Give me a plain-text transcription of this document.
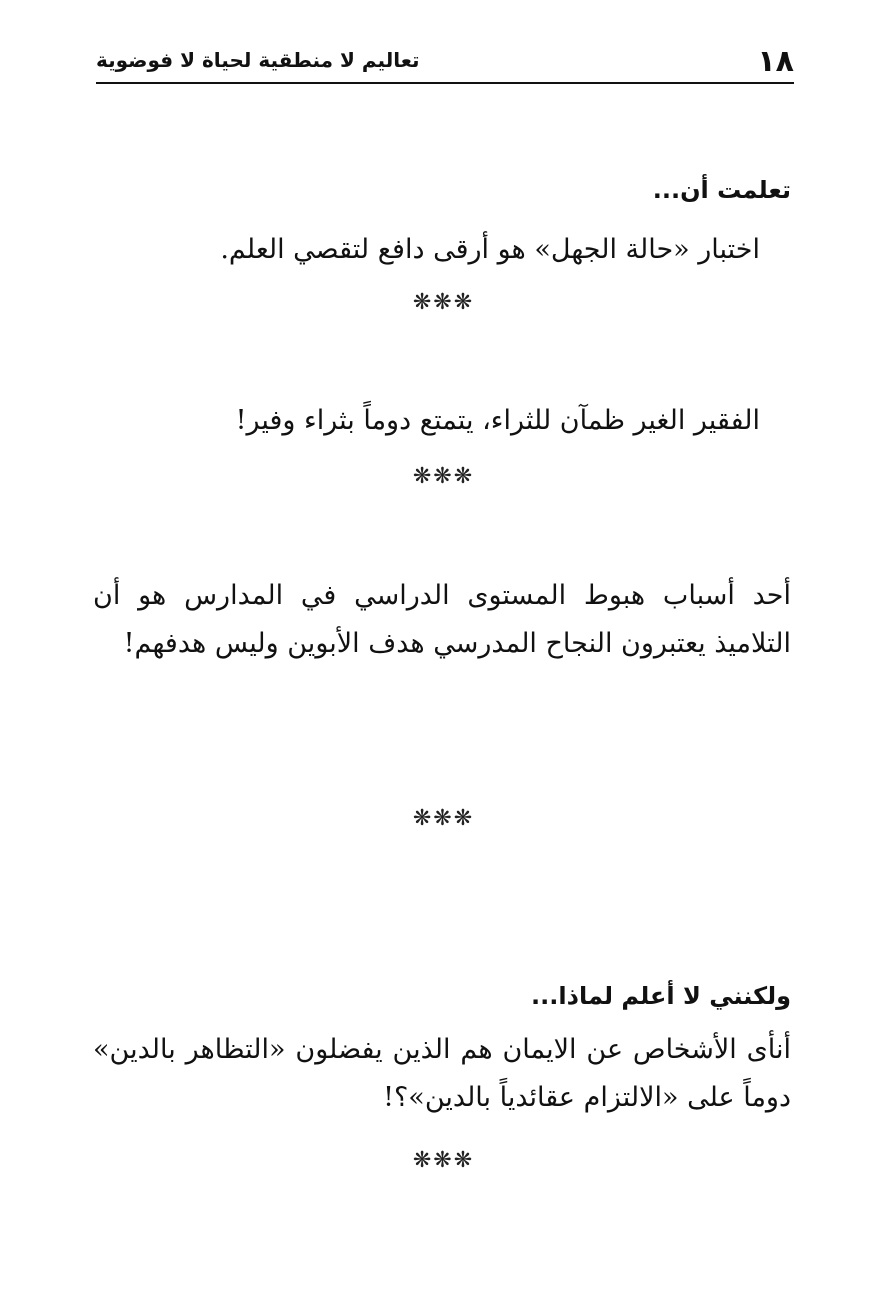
١٨
تعاليم لا منطقية لحياة لا فوضوية
تعلمت أن...
اختبار «حالة الجهل» هو أرقى دافع لتقصي العلم.
❋❋❋
الفقير الغير ظمآن للثراء، يتمتع دوماً بثراء وفير!
❋❋❋
أحد أسباب هبوط المستوى الدراسي في المدارس هو أن التلاميذ يعتبرون النجاح المدرسي هدف الأبوين وليس هدفهم!
❋❋❋
ولكنني لا أعلم لماذا...
أنأى الأشخاص عن الايمان هم الذين يفضلون «التظاهر بالدين» دوماً على «الالتزام عقائدياً بالدين»؟!
❋❋❋
